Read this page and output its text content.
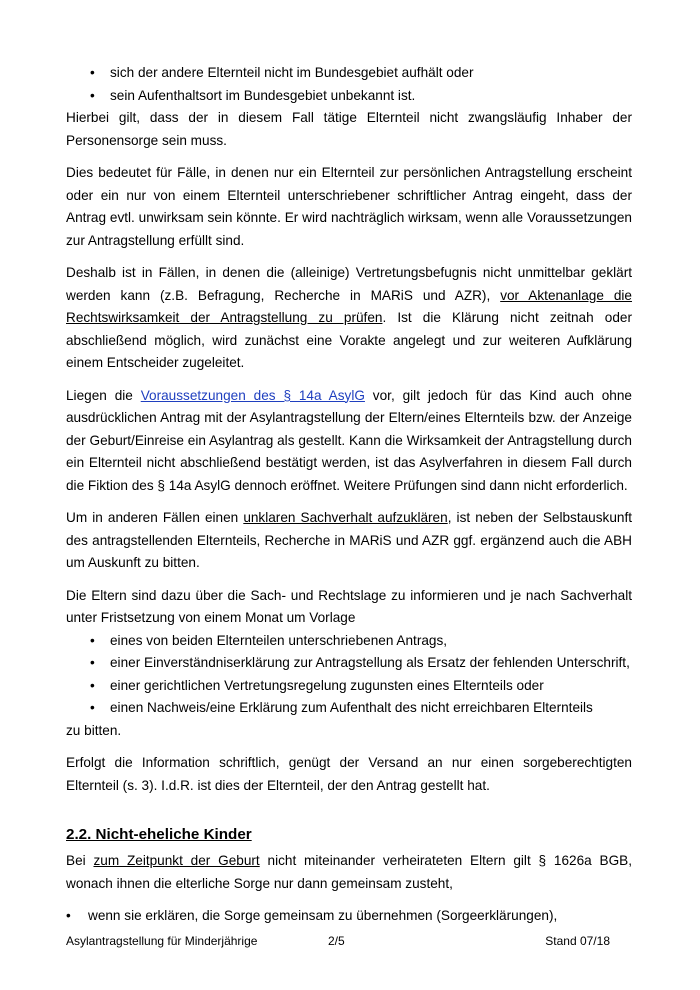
• sich der andere Elternteil nicht im Bundesgebiet aufhält oder
• sein Aufenthaltsort im Bundesgebiet unbekannt ist.

Hierbei gilt, dass der in diesem Fall tätige Elternteil nicht zwangsläufig Inhaber der Personensorge sein muss.

Dies bedeutet für Fälle, in denen nur ein Elternteil zur persönlichen Antragstellung erscheint oder ein nur von einem Elternteil unterschriebener schriftlicher Antrag eingeht, dass der Antrag evtl. unwirksam sein könnte. Er wird nachträglich wirksam, wenn alle Voraussetzungen zur Antragstellung erfüllt sind.

Deshalb ist in Fällen, in denen die (alleinige) Vertretungsbefugnis nicht unmittelbar geklärt werden kann (z.B. Befragung, Recherche in MARiS und AZR), vor Aktenanlage die Rechtswirksamkeit der Antragstellung zu prüfen. Ist die Klärung nicht zeitnah oder abschließend möglich, wird zunächst eine Vorakte angelegt und zur weiteren Aufklärung einem Entscheider zugeleitet.

Liegen die Voraussetzungen des § 14a AsylG vor, gilt jedoch für das Kind auch ohne ausdrücklichen Antrag mit der Asylantragstellung der Eltern/eines Elternteils bzw. der Anzeige der Geburt/Einreise ein Asylantrag als gestellt. Kann die Wirksamkeit der Antragstellung durch ein Elternteil nicht abschließend bestätigt werden, ist das Asylverfahren in diesem Fall durch die Fiktion des § 14a AsylG dennoch eröffnet. Weitere Prüfungen sind dann nicht erforderlich.

Um in anderen Fällen einen unklaren Sachverhalt aufzuklären, ist neben der Selbstauskunft des antragstellenden Elternteils, Recherche in MARiS und AZR ggf. ergänzend auch die ABH um Auskunft zu bitten.

Die Eltern sind dazu über die Sach- und Rechtslage zu informieren und je nach Sachverhalt unter Fristsetzung von einem Monat um Vorlage
• eines von beiden Elternteilen unterschriebenen Antrags,
• einer Einverständniserklärung zur Antragstellung als Ersatz der fehlenden Unterschrift,
• einer gerichtlichen Vertretungsregelung zugunsten eines Elternteils oder
• einen Nachweis/eine Erklärung zum Aufenthalt des nicht erreichbaren Elternteils

zu bitten.

Erfolgt die Information schriftlich, genügt der Versand an nur einen sorgeberechtigten Elternteil (s. 3). I.d.R. ist dies der Elternteil, der den Antrag gestellt hat.

2.2. Nicht-eheliche Kinder

Bei zum Zeitpunkt der Geburt nicht miteinander verheirateten Eltern gilt § 1626a BGB, wonach ihnen die elterliche Sorge nur dann gemeinsam zusteht,

• wenn sie erklären, die Sorge gemeinsam zu übernehmen (Sorgeerklärungen),
Asylantragstellung für Minderjährige	2/5	Stand 07/18
